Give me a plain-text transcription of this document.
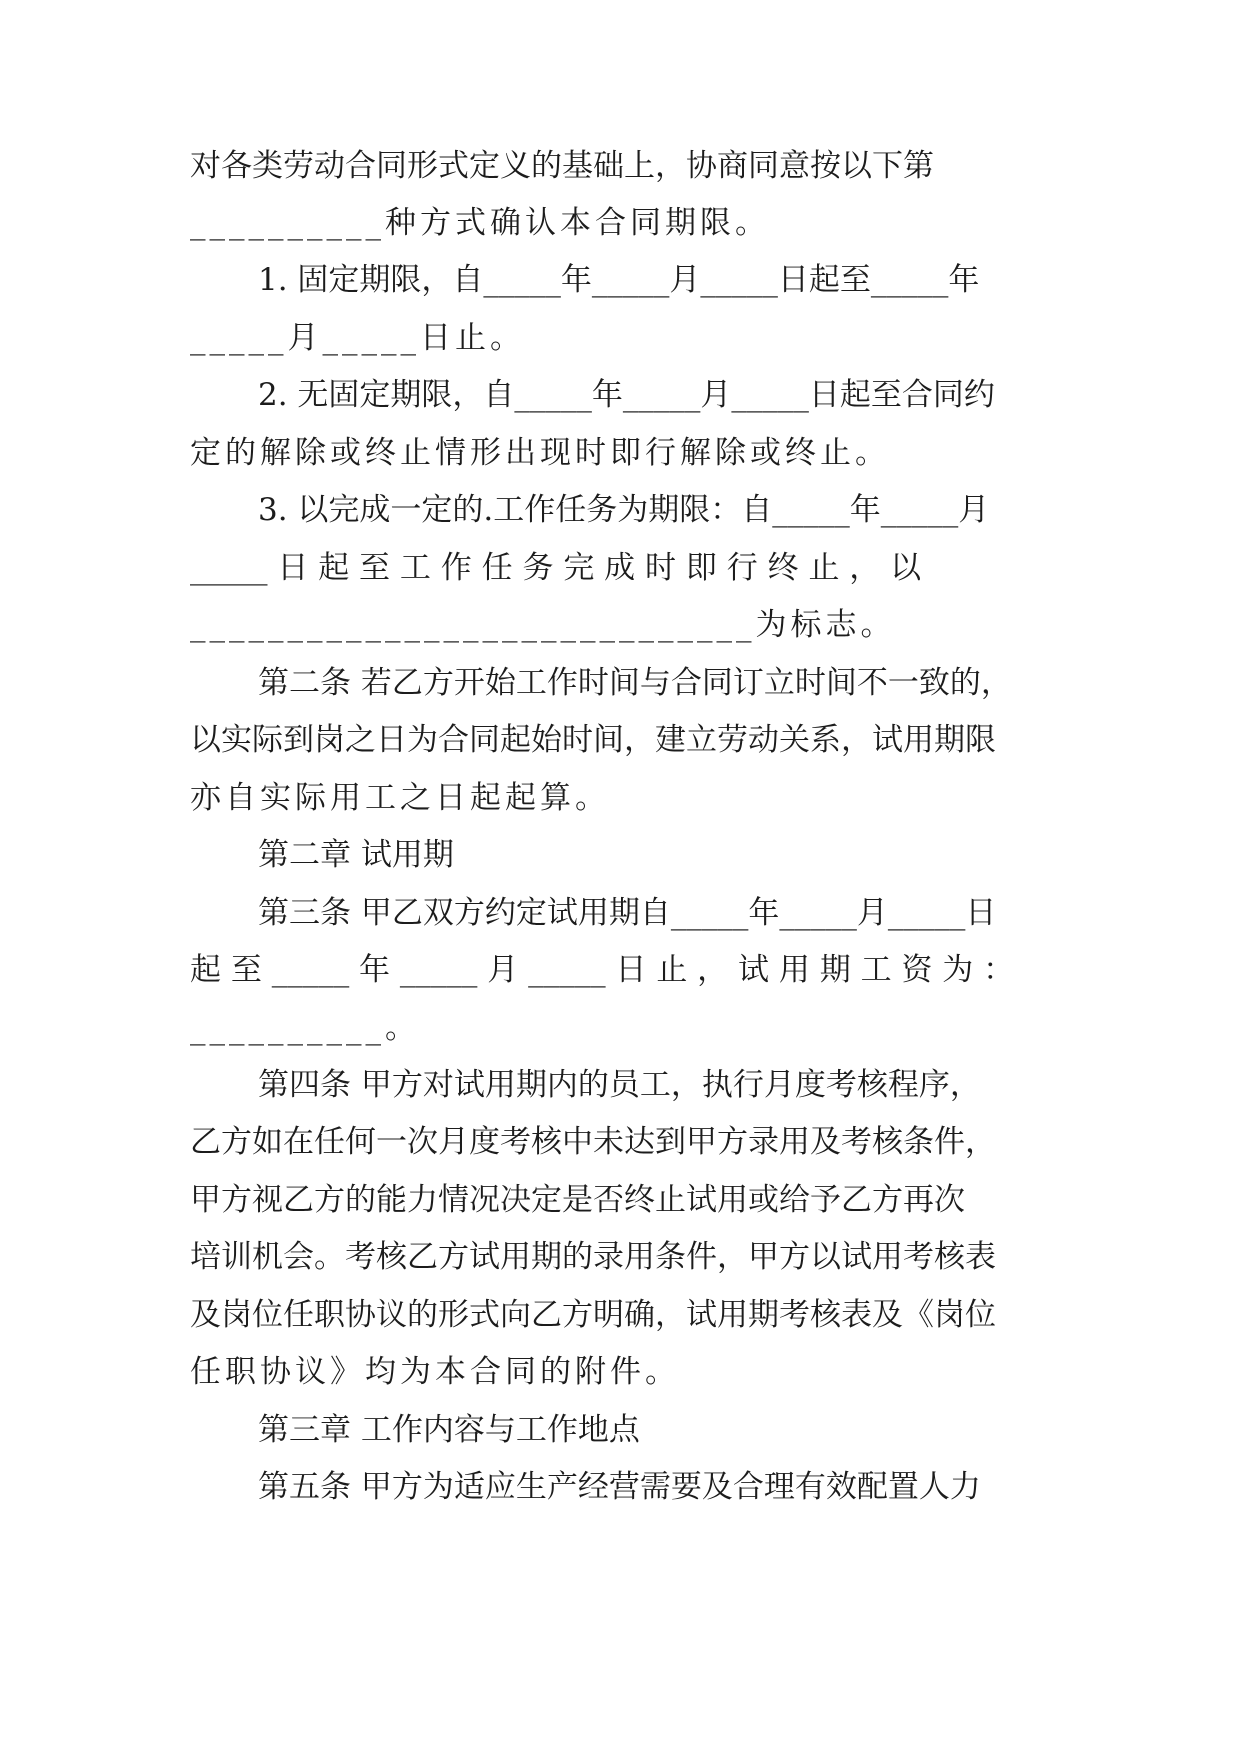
对各类劳动合同形式定义的基础上，协商同意按以下第
__________种方式确认本合同期限。
1. 固定期限，自_____年_____月_____日起至_____年
_____月_____日止。
2. 无固定期限，自_____年_____月_____日起至合同约
定的解除或终止情形出现时即行解除或终止。
3. 以完成一定的.工作任务为期限：自_____年_____月
_____ 日 起 至 工 作 任 务 完 成 时 即 行 终 止 ， 以
_____________________________为标志。
第二条 若乙方开始工作时间与合同订立时间不一致的，
以实际到岗之日为合同起始时间，建立劳动关系，试用期限
亦自实际用工之日起起算。
第二章 试用期
第三条 甲乙双方约定试用期自_____年_____月_____日
起 至 _____ 年 _____ 月 _____ 日 止 ， 试 用 期 工 资 为 ：
__________。
第四条 甲方对试用期内的员工，执行月度考核程序，
乙方如在任何一次月度考核中未达到甲方录用及考核条件，
甲方视乙方的能力情况决定是否终止试用或给予乙方再次
培训机会。考核乙方试用期的录用条件，甲方以试用考核表
及岗位任职协议的形式向乙方明确，试用期考核表及《岗位
任职协议》均为本合同的附件。
第三章 工作内容与工作地点
第五条 甲方为适应生产经营需要及合理有效配置人力
